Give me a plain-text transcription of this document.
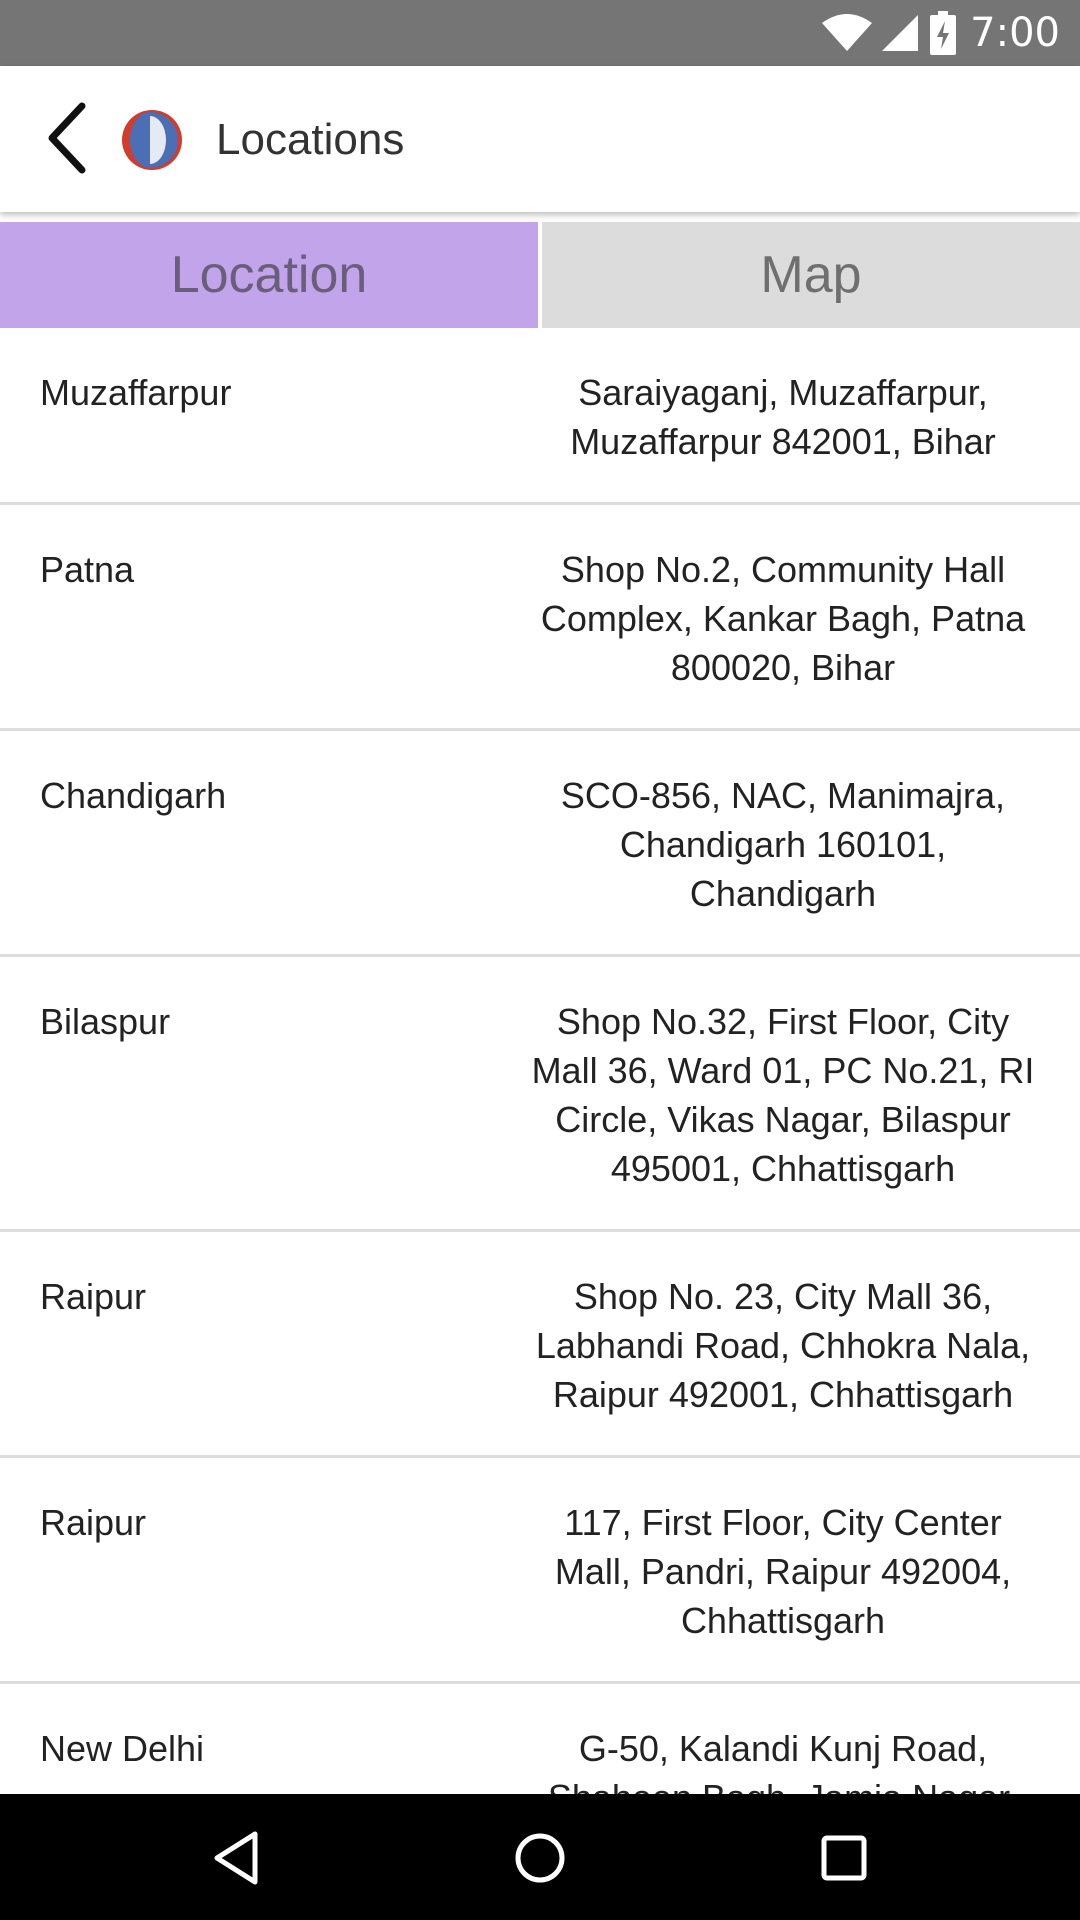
7:00
Locations
Location	Map
Muzaffarpur	Saraiyaganj, Muzaffarpur, Muzaffarpur 842001, Bihar
Patna	Shop No.2, Community Hall Complex, Kankar Bagh, Patna 800020, Bihar
Chandigarh	SCO-856, NAC, Manimajra, Chandigarh 160101, Chandigarh
Bilaspur	Shop No.32, First Floor, City Mall 36, Ward 01, PC No.21, RI Circle, Vikas Nagar, Bilaspur 495001, Chhattisgarh
Raipur	Shop No. 23, City Mall 36, Labhandi Road, Chhokra Nala, Raipur 492001, Chhattisgarh
Raipur	117, First Floor, City Center Mall, Pandri, Raipur 492004, Chhattisgarh
New Delhi	G-50, Kalandi Kunj Road,
